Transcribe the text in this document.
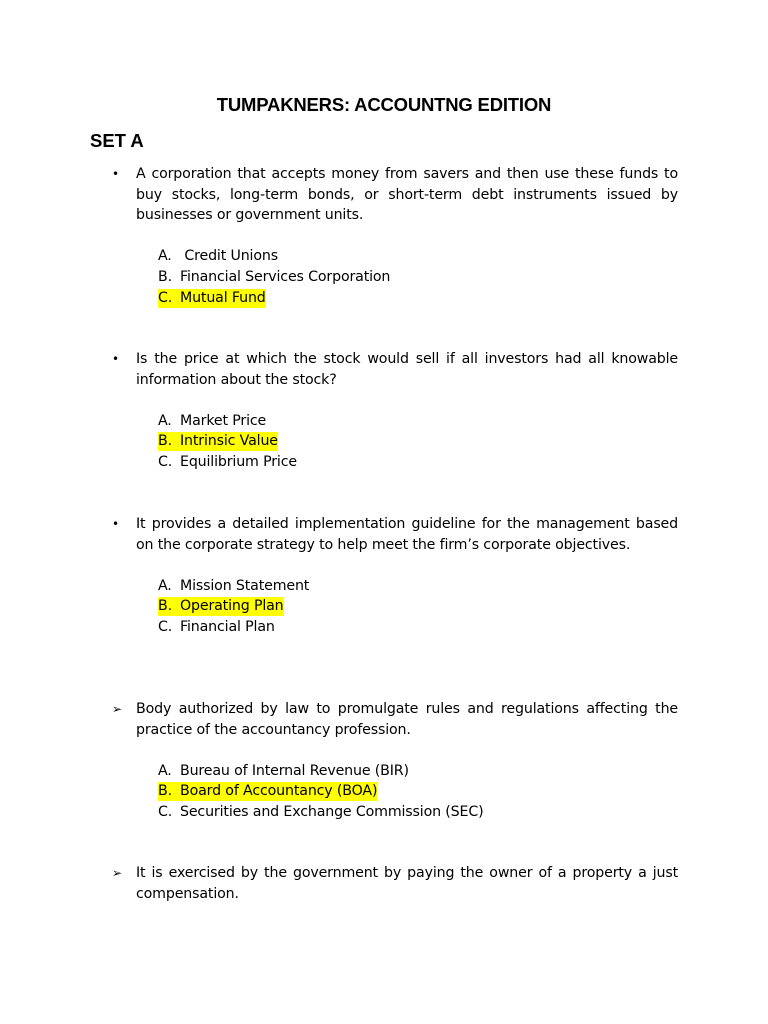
TUMPAKNERS: ACCOUNTNG EDITION
SET A
•	A corporation that accepts money from savers and then use these funds to buy stocks, long-term bonds, or short-term debt instruments issued by businesses or government units.
A. Credit Unions
B. Financial Services Corporation
C. Mutual Fund
•	Is the price at which the stock would sell if all investors had all knowable information about the stock?
A. Market Price
B. Intrinsic Value
C. Equilibrium Price
•	It provides a detailed implementation guideline for the management based on the corporate strategy to help meet the firm’s corporate objectives.
A. Mission Statement
B. Operating Plan
C. Financial Plan
➢ Body authorized by law to promulgate rules and regulations affecting the practice of the accountancy profession.
A. Bureau of Internal Revenue (BIR)
B. Board of Accountancy (BOA)
C. Securities and Exchange Commission (SEC)
➢ It is exercised by the government by paying the owner of a property a just compensation.
